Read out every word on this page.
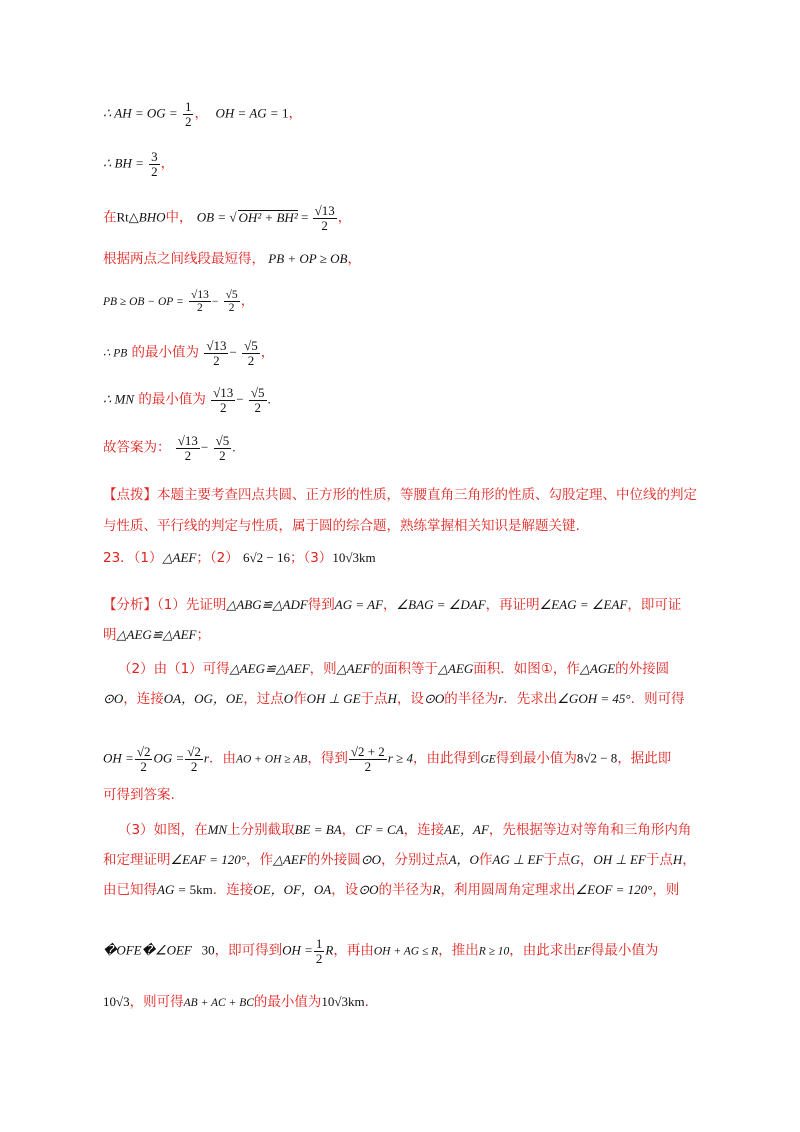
∴ AH = OG = $\frac{1}{2}$ ，  OH = AG = 1，
∴ BH = $\frac{3}{2}$ ，
在Rt△BHO中， OB = √ $OH^2 + BH^2 = \frac{√13}{2}$ ，
根据两点之间线段最短得， PB + OP ≥ OB，
PB ≥ OB − OP = $\frac{√13}{2} - \frac{√5}{2}$ ，
∴ PB 的最小值为 $\frac{√13}{2} - \frac{√5}{2}$ ，
∴ MN 的最小值为 $\frac{√13}{2} - \frac{√5}{2}$ .
故答案为： $\frac{√13}{2} - \frac{√5}{2}$ .
【点拨】本题主要考查四点共圆、正方形的性质，等腰直角三角形的性质、勾股定理、中位线的判定
与性质、平行线的判定与性质，属于圆的综合题，熟练掌握相关知识是解题关键.
23．（1）△AEF；（2） 6√2 − 16；（3）10√3km
【分析】（1）先证明△ABG≌△ADF得到AG = AF，∠BAG = ∠DAF，再证明∠EAG = ∠EAF，即可证
明△AEG≌△AEF；
（2）由（1）可得△AEG≌△AEF，则△AEF的面积等于△AEG面积．如图①，作△AGE的外接圆
⊙O，连接OA，OG，OE，过点O作OH ⊥ GE于点H，设⊙O的半径为r．先求出∠GOH = 45°．则可得
OH = $\frac{√2}{2}$ OG = $\frac{√2}{2}$ r．由AO + OH ≥ AB，得到 $\frac{√2 + 2}{2}$ r ≥ 4，由此得到GE得到最小值为8√2 − 8，据此即
可得到答案.
（3）如图，在MN上分别截取BE = BA，CF = CA，连接AE，AF，先根据等边对等角和三角形内角
和定理证明∠EAF = 120°，作△AEF的外接圆⊙O，分别过点A，O作AG ⊥ EF于点G，OH ⊥ EF于点H，
由已知得AG = 5km．连接OE，OF，OA，设⊙O的半径为R，利用圆周角定理求出∠EOF = 120°，则
�OFE�∠OEF   30，即可得到OH = $\frac{1}{2}$ R，再由OH + AG ≤ R，推出R ≥ 10，由此求出EF得最小值为
10√3，则可得AB + AC + BC的最小值为10√3km.
